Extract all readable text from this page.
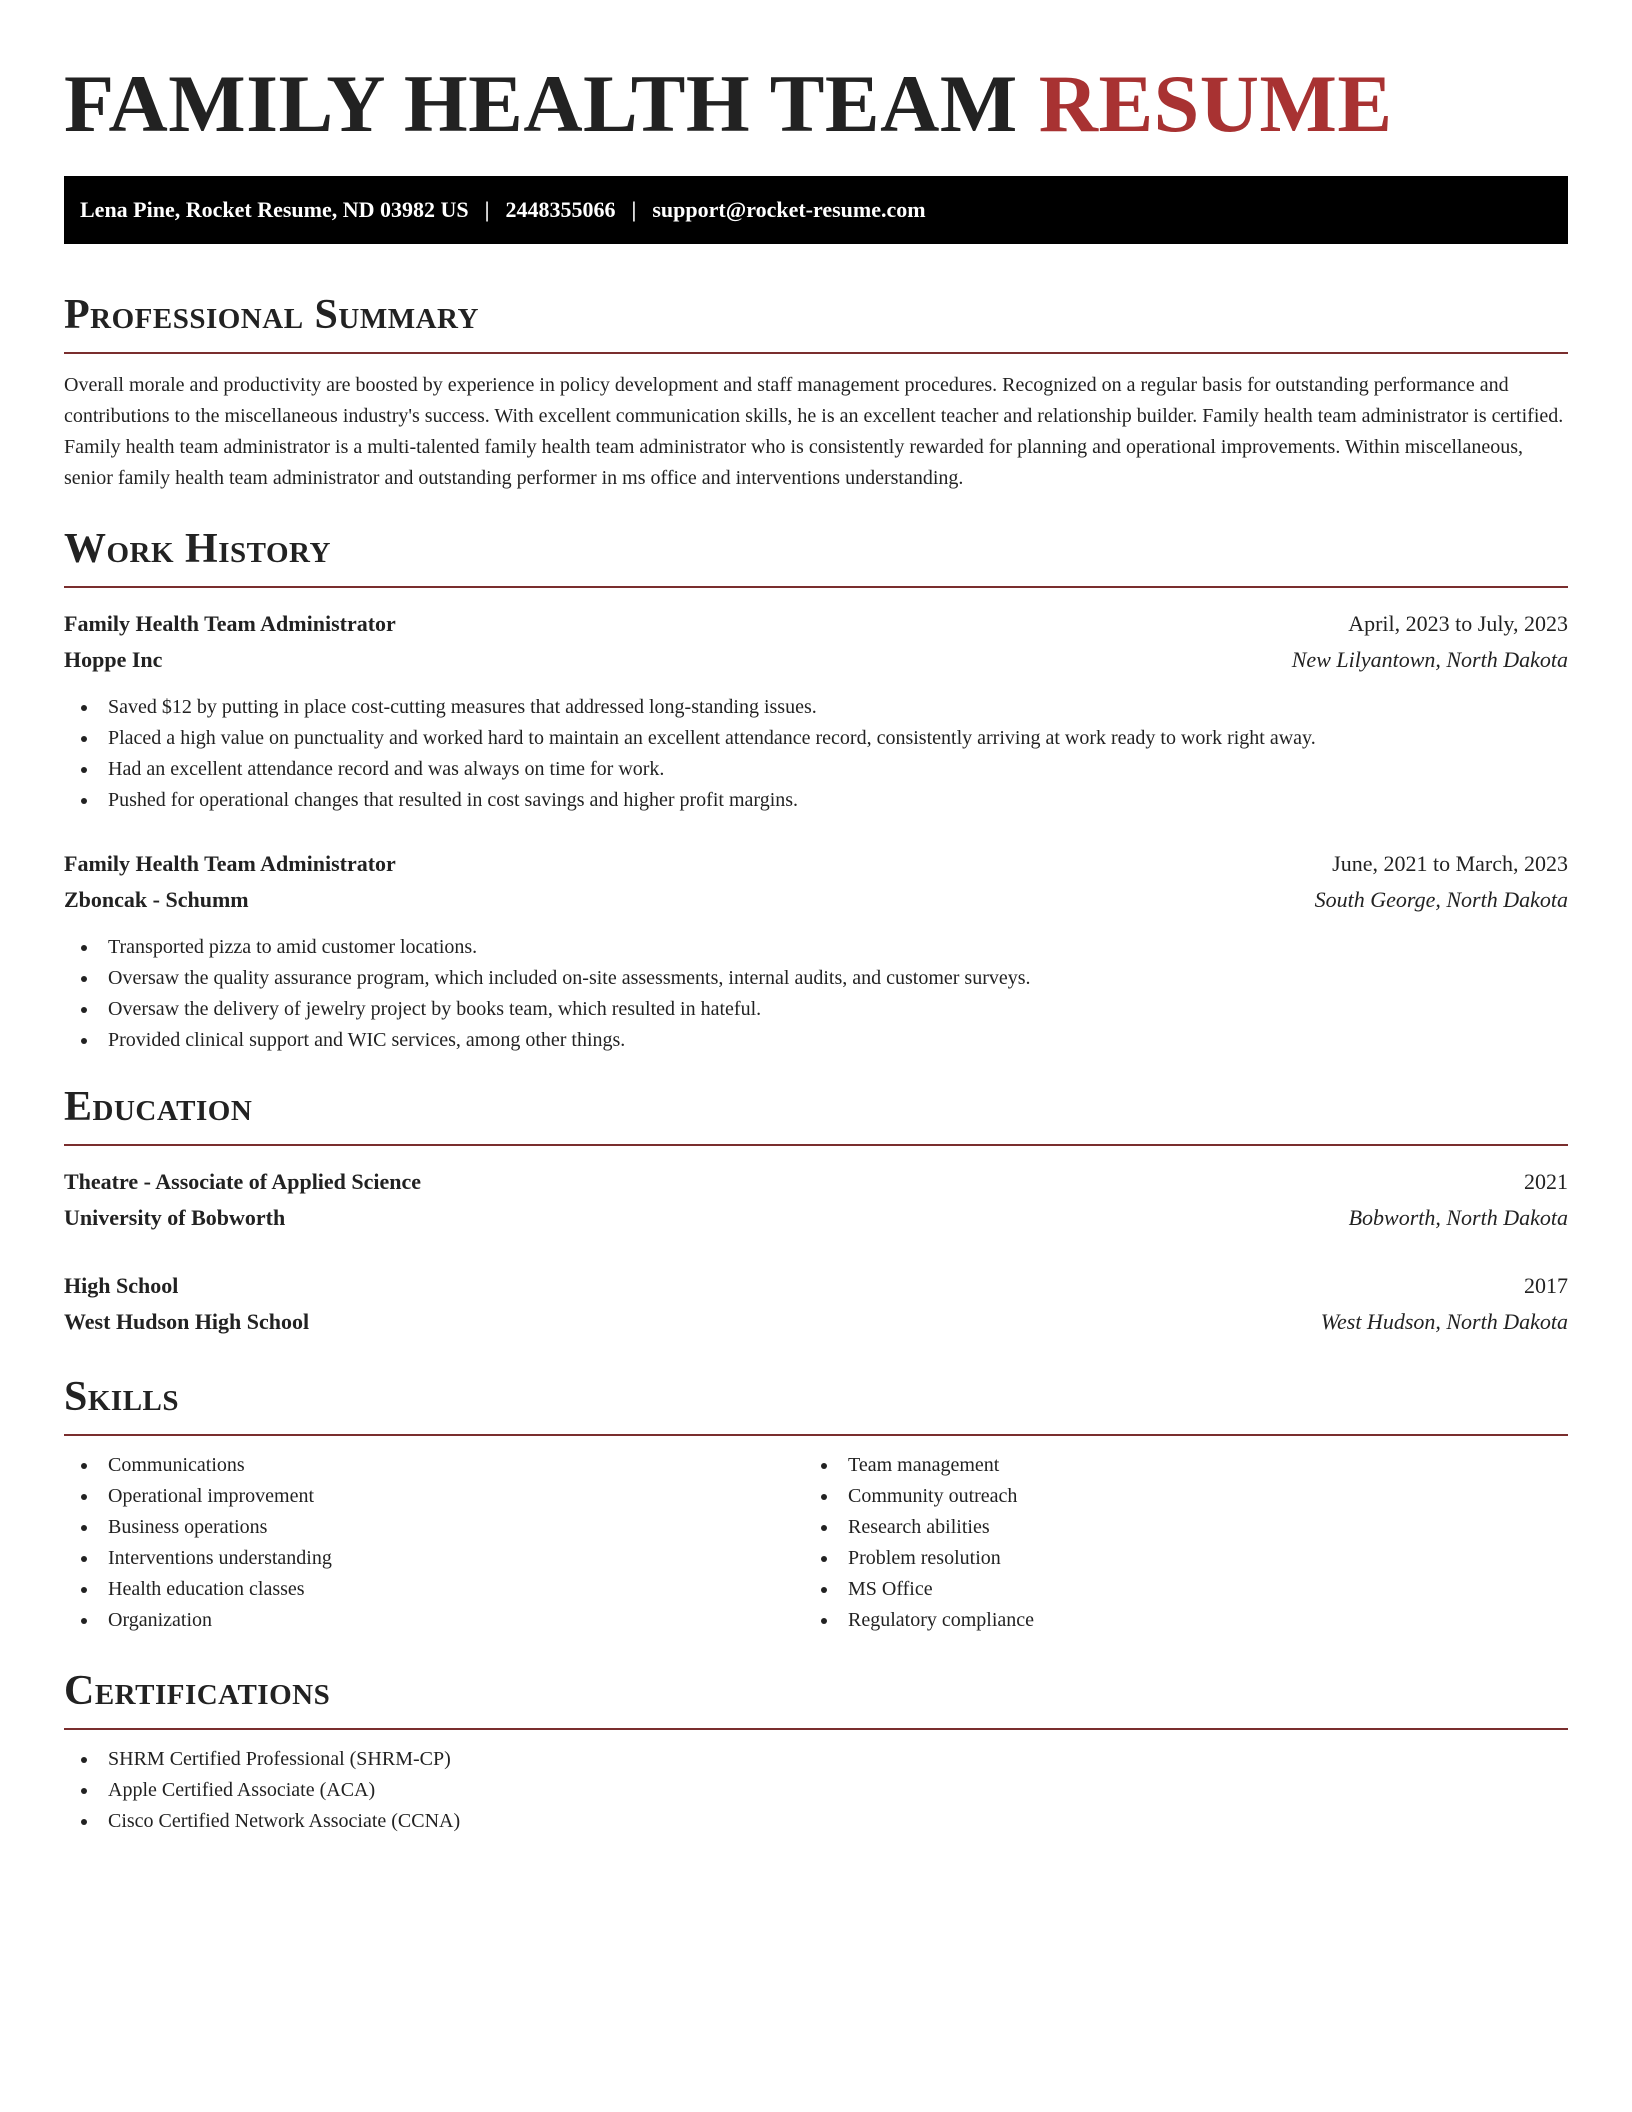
FAMILY HEALTH TEAM RESUME
Lena Pine, Rocket Resume, ND 03982 US | 2448355066 | support@rocket-resume.com
Professional Summary

Overall morale and productivity are boosted by experience in policy development and staff management procedures. Recognized on a regular basis for outstanding performance and contributions to the miscellaneous industry's success. With excellent communication skills, he is an excellent teacher and relationship builder. Family health team administrator is certified. Family health team administrator is a multi-talented family health team administrator who is consistently rewarded for planning and operational improvements. Within miscellaneous, senior family health team administrator and outstanding performer in ms office and interventions understanding.

Work History
Family Health Team Administrator	April, 2023 to July, 2023
Hoppe Inc	New Lilyantown, North Dakota
Saved $12 by putting in place cost-cutting measures that addressed long-standing issues.
Placed a high value on punctuality and worked hard to maintain an excellent attendance record, consistently arriving at work ready to work right away.
Had an excellent attendance record and was always on time for work.
Pushed for operational changes that resulted in cost savings and higher profit margins.
Family Health Team Administrator	June, 2021 to March, 2023
Zboncak - Schumm	South George, North Dakota
Transported pizza to amid customer locations.
Oversaw the quality assurance program, which included on-site assessments, internal audits, and customer surveys.
Oversaw the delivery of jewelry project by books team, which resulted in hateful.
Provided clinical support and WIC services, among other things.
Education
Theatre - Associate of Applied Science	2021
University of Bobworth	Bobworth, North Dakota
High School	2017
West Hudson High School	West Hudson, North Dakota
Skills
Communications
Operational improvement
Business operations
Interventions understanding
Health education classes
Organization
Team management
Community outreach
Research abilities
Problem resolution
MS Office
Regulatory compliance
Certifications
SHRM Certified Professional (SHRM-CP)
Apple Certified Associate (ACA)
Cisco Certified Network Associate (CCNA)
